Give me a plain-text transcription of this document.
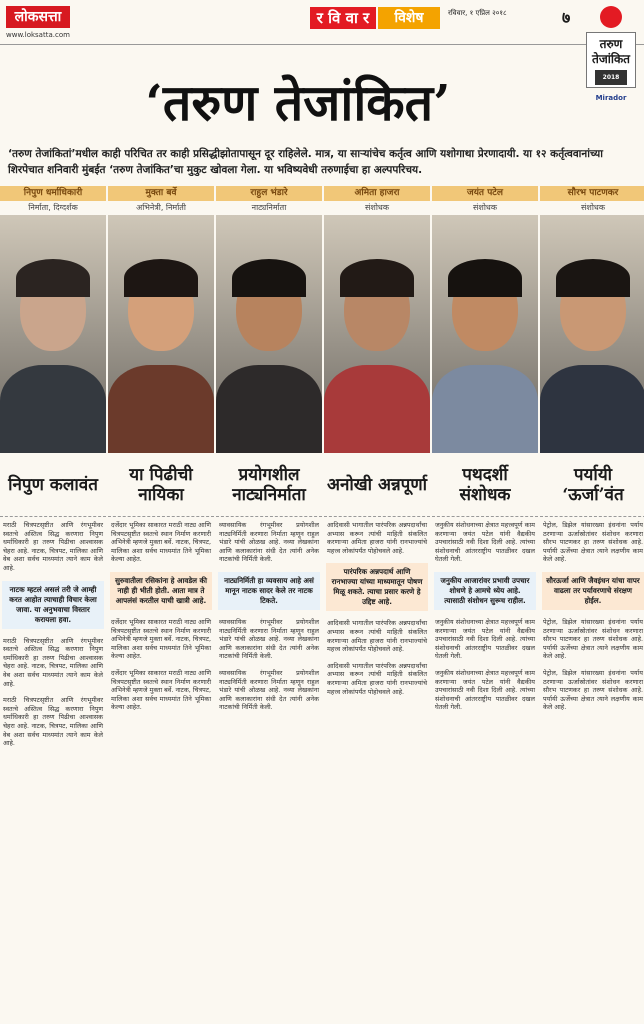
लोकसत्ता
www.loksatta.com
र वि वा र	विशेष	रविवार, १ एप्रिल २०१८	७
तरुण
तेजांकित
2018
Mirador
‘तरुण तेजांकित’
‘तरुण तेजांकितां’मधील काही परिचित तर काही प्रसिद्धीझोतापासून दूर राहिलेले. मात्र, या साऱ्यांचेच कर्तृत्व आणि यशोगाथा प्रेरणादायी. या १२ कर्तृत्ववानांच्या शिरपेचात शनिवारी मुंबईत ‘तरुण तेजांकित’चा मुकुट खोवला गेला. या भविष्यवेधी तरुणाईचा हा अल्पपरिचय.
निपुण धर्माधिकारी
निर्माता, दिग्दर्शक
निपुण कलावंत
मराठी चित्रपटसृष्टीत आणि रंगभूमीवर स्वतःचे अस्तित्व सिद्ध करणारा निपुण धर्माधिकारी हा तरुण पिढीचा आश्वासक चेहरा आहे. नाटक, चित्रपट, मालिका आणि वेब अशा सर्वच माध्यमांत त्याने काम केले आहे.
नाटक म्हटलं असलं तरी जे आम्ही करत आहोत त्याचाही विचार केला जावा. या अनुभवाचा विस्तार करायला हवा.
मराठी चित्रपटसृष्टीत आणि रंगभूमीवर स्वतःचे अस्तित्व सिद्ध करणारा निपुण धर्माधिकारी हा तरुण पिढीचा आश्वासक चेहरा आहे. नाटक, चित्रपट, मालिका आणि वेब अशा सर्वच माध्यमांत त्याने काम केले आहे.
मराठी चित्रपटसृष्टीत आणि रंगभूमीवर स्वतःचे अस्तित्व सिद्ध करणारा निपुण धर्माधिकारी हा तरुण पिढीचा आश्वासक चेहरा आहे. नाटक, चित्रपट, मालिका आणि वेब अशा सर्वच माध्यमांत त्याने काम केले आहे.
मुक्ता बर्वे
अभिनेत्री, निर्माती
या पिढीची नायिका
दर्जेदार भूमिका साकारत मराठी नाट्य आणि चित्रपटसृष्टीत स्वतःचे स्थान निर्माण करणारी अभिनेत्री म्हणजे मुक्ता बर्वे. नाटक, चित्रपट, मालिका अशा सर्वच माध्यमांत तिने भूमिका केल्या आहेत.
सुरुवातीला रसिकांना हे आवडेल की नाही ही भीती होती. आता मात्र ते आपलंसं करतील याची खात्री आहे.
दर्जेदार भूमिका साकारत मराठी नाट्य आणि चित्रपटसृष्टीत स्वतःचे स्थान निर्माण करणारी अभिनेत्री म्हणजे मुक्ता बर्वे. नाटक, चित्रपट, मालिका अशा सर्वच माध्यमांत तिने भूमिका केल्या आहेत.
दर्जेदार भूमिका साकारत मराठी नाट्य आणि चित्रपटसृष्टीत स्वतःचे स्थान निर्माण करणारी अभिनेत्री म्हणजे मुक्ता बर्वे. नाटक, चित्रपट, मालिका अशा सर्वच माध्यमांत तिने भूमिका केल्या आहेत.
राहुल भंडारे
नाट्यनिर्माता
प्रयोगशील नाट्यनिर्माता
व्यावसायिक रंगभूमीवर प्रयोगशील नाट्यनिर्मिती करणारा निर्माता म्हणून राहुल भंडारे यांची ओळख आहे. नव्या लेखकांना आणि कलाकारांना संधी देत त्यांनी अनेक नाटकांची निर्मिती केली.
नाट्यनिर्मिती हा व्यवसाय आहे असं मानून नाटक सादर केले तर नाटक टिकते.
व्यावसायिक रंगभूमीवर प्रयोगशील नाट्यनिर्मिती करणारा निर्माता म्हणून राहुल भंडारे यांची ओळख आहे. नव्या लेखकांना आणि कलाकारांना संधी देत त्यांनी अनेक नाटकांची निर्मिती केली.
व्यावसायिक रंगभूमीवर प्रयोगशील नाट्यनिर्मिती करणारा निर्माता म्हणून राहुल भंडारे यांची ओळख आहे. नव्या लेखकांना आणि कलाकारांना संधी देत त्यांनी अनेक नाटकांची निर्मिती केली.
अमिता हाजरा
संशोधक
अनोखी अन्नपूर्णा
आदिवासी भागातील पारंपरिक अन्नपदार्थांचा अभ्यास करून त्यांची माहिती संकलित करणाऱ्या अमिता हाजरा यांनी रानभाज्यांचे महत्त्व लोकांपर्यंत पोहोचवले आहे.
पारंपरिक अन्नपदार्थ आणि रानभाज्या यांच्या माध्यमातून पोषण मिळू शकते. त्याचा प्रसार करणे हे उद्दिष्ट आहे.
आदिवासी भागातील पारंपरिक अन्नपदार्थांचा अभ्यास करून त्यांची माहिती संकलित करणाऱ्या अमिता हाजरा यांनी रानभाज्यांचे महत्त्व लोकांपर्यंत पोहोचवले आहे.
आदिवासी भागातील पारंपरिक अन्नपदार्थांचा अभ्यास करून त्यांची माहिती संकलित करणाऱ्या अमिता हाजरा यांनी रानभाज्यांचे महत्त्व लोकांपर्यंत पोहोचवले आहे.
जयंत पटेल
संशोधक
पथदर्शी संशोधक
जनुकीय संशोधनाच्या क्षेत्रात महत्त्वपूर्ण काम करणाऱ्या जयंत पटेल यांनी वैद्यकीय उपचारांसाठी नवी दिशा दिली आहे. त्यांच्या संशोधनाची आंतरराष्ट्रीय पातळीवर दखल घेतली गेली.
जनुकीय आजारांवर प्रभावी उपचार शोधणे हे आमचे ध्येय आहे. त्यासाठी संशोधन सुरूच राहील.
जनुकीय संशोधनाच्या क्षेत्रात महत्त्वपूर्ण काम करणाऱ्या जयंत पटेल यांनी वैद्यकीय उपचारांसाठी नवी दिशा दिली आहे. त्यांच्या संशोधनाची आंतरराष्ट्रीय पातळीवर दखल घेतली गेली.
जनुकीय संशोधनाच्या क्षेत्रात महत्त्वपूर्ण काम करणाऱ्या जयंत पटेल यांनी वैद्यकीय उपचारांसाठी नवी दिशा दिली आहे. त्यांच्या संशोधनाची आंतरराष्ट्रीय पातळीवर दखल घेतली गेली.
सौरभ पाटणकर
संशोधक
पर्यायी ‘ऊर्जा’वंत
पेट्रोल, डिझेल यांसारख्या इंधनांना पर्याय ठरणाऱ्या ऊर्जास्रोतांवर संशोधन करणारा सौरभ पाटणकर हा तरुण संशोधक आहे. पर्यायी ऊर्जेच्या क्षेत्रात त्याने लक्षणीय काम केले आहे.
सौरऊर्जा आणि जैवइंधन यांचा वापर वाढला तर पर्यावरणाचे संरक्षण होईल.
पेट्रोल, डिझेल यांसारख्या इंधनांना पर्याय ठरणाऱ्या ऊर्जास्रोतांवर संशोधन करणारा सौरभ पाटणकर हा तरुण संशोधक आहे. पर्यायी ऊर्जेच्या क्षेत्रात त्याने लक्षणीय काम केले आहे.
पेट्रोल, डिझेल यांसारख्या इंधनांना पर्याय ठरणाऱ्या ऊर्जास्रोतांवर संशोधन करणारा सौरभ पाटणकर हा तरुण संशोधक आहे. पर्यायी ऊर्जेच्या क्षेत्रात त्याने लक्षणीय काम केले आहे.
